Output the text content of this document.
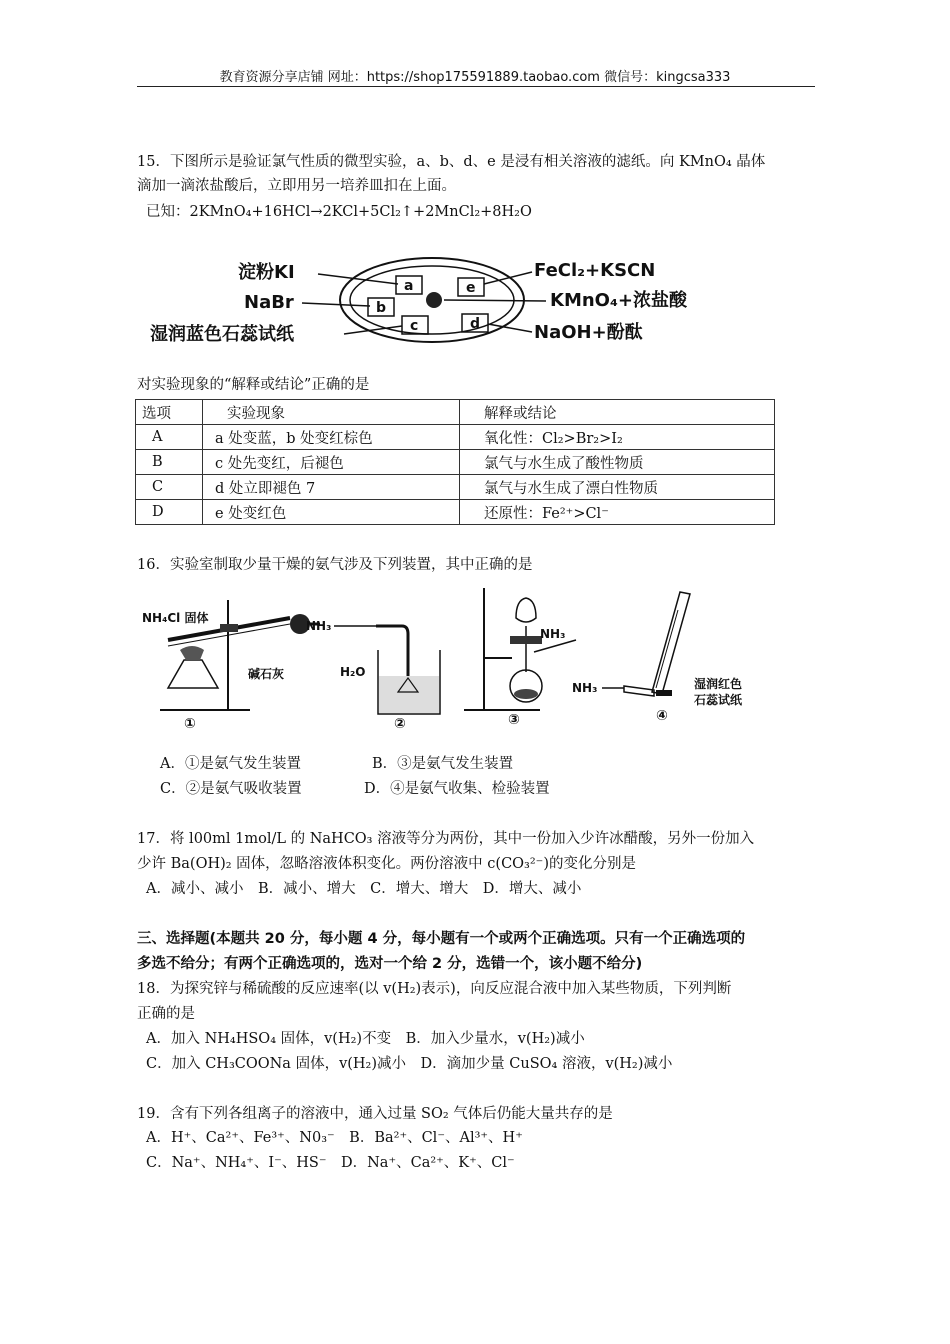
教育资源分享店铺 网址：https://shop175591889.taobao.com 微信号：kingcsa333
15．下图所示是验证氯气性质的微型实验，a、b、d、e 是浸有相关溶液的滤纸。向 KMnO₄ 晶体
滴加一滴浓盐酸后，立即用另一培养皿扣在上面。
已知：2KMnO₄+16HCl→2KCl+5Cl₂↑+2MnCl₂+8H₂O
a
b
c	d
e
淀粉KI
NaBr
湿润蓝色石蕊试纸
FeCl₂+KSCN
KMnO₄+浓盐酸
NaOH+酚酞
对实验现象的“解释或结论”正确的是
选项	实验现象	解释或结论
A	a 处变蓝，b 处变红棕色	氧化性：Cl₂>Br₂>I₂
B	c 处先变红，后褪色	氯气与水生成了酸性物质
C	d 处立即褪色 7	氯气与水生成了漂白性物质
D	e 处变红色	还原性：Fe²⁺>Cl⁻
16．实验室制取少量干燥的氨气涉及下列装置，其中正确的是
NH₄Cl 固体
碱石灰
①
NH₃
H₂O
②
NH₃
③
NH₃	湿润红色
石蕊试纸
④
A．①是氨气发生装置	B．③是氨气发生装置
C．②是氨气吸收装置	D．④是氨气收集、检验装置
17．将 l00ml 1mol/L 的 NaHCO₃ 溶液等分为两份，其中一份加入少许冰醋酸，另外一份加入
少许 Ba(OH)₂ 固体，忽略溶液体积变化。两份溶液中 c(CO₃²⁻)的变化分别是
A．减小、减小　B．减小、增大　C．增大、增大　D．增大、减小
三、选择题(本题共 20 分，每小题 4 分，每小题有一个或两个正确选项。只有一个正确选项的
多选不给分；有两个正确选项的，选对一个给 2 分，选错一个，该小题不给分)
18．为探究锌与稀硫酸的反应速率(以 v(H₂)表示)，向反应混合液中加入某些物质，下列判断
正确的是
A．加入 NH₄HSO₄ 固体，v(H₂)不变　B．加入少量水，v(H₂)减小
C．加入 CH₃COONa 固体，v(H₂)减小　D．滴加少量 CuSO₄ 溶液，v(H₂)减小
19．含有下列各组离子的溶液中，通入过量 SO₂ 气体后仍能大量共存的是
A．H⁺、Ca²⁺、Fe³⁺、N0₃⁻　B．Ba²⁺、Cl⁻、Al³⁺、H⁺
C．Na⁺、NH₄⁺、I⁻、HS⁻　D．Na⁺、Ca²⁺、K⁺、Cl⁻
